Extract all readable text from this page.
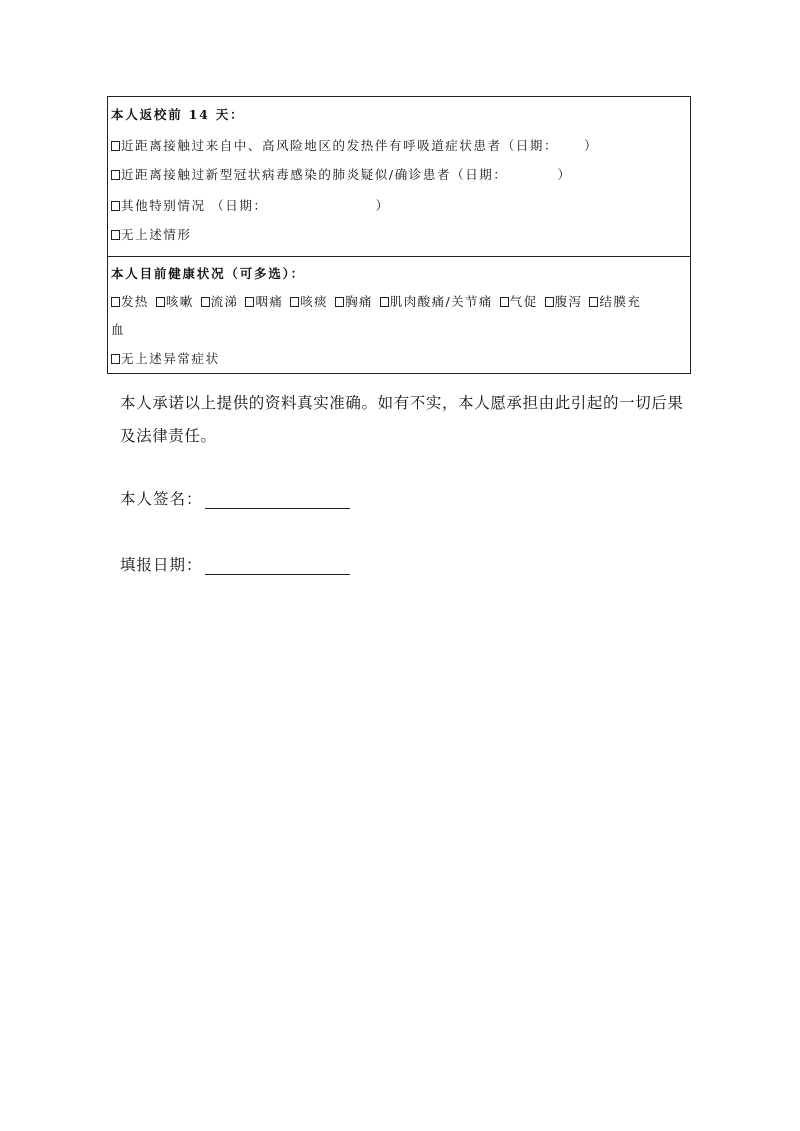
本人返校前 14 天：
近距离接触过来自中、高风险地区的发热伴有呼吸道症状患者（日期： ）
近距离接触过新型冠状病毒感染的肺炎疑似/确诊患者（日期：	）
其他特别情况 （日期：	）
无上述情形
本人目前健康状况（可多选）：
发热 咳嗽 流涕 咽痛 咳痰 胸痛 肌肉酸痛/关节痛 气促 腹泻 结膜充
血
无上述异常症状
本人承诺以上提供的资料真实准确。如有不实，本人愿承担由此引起的一切后果及法律责任。
本人签名：
填报日期：
